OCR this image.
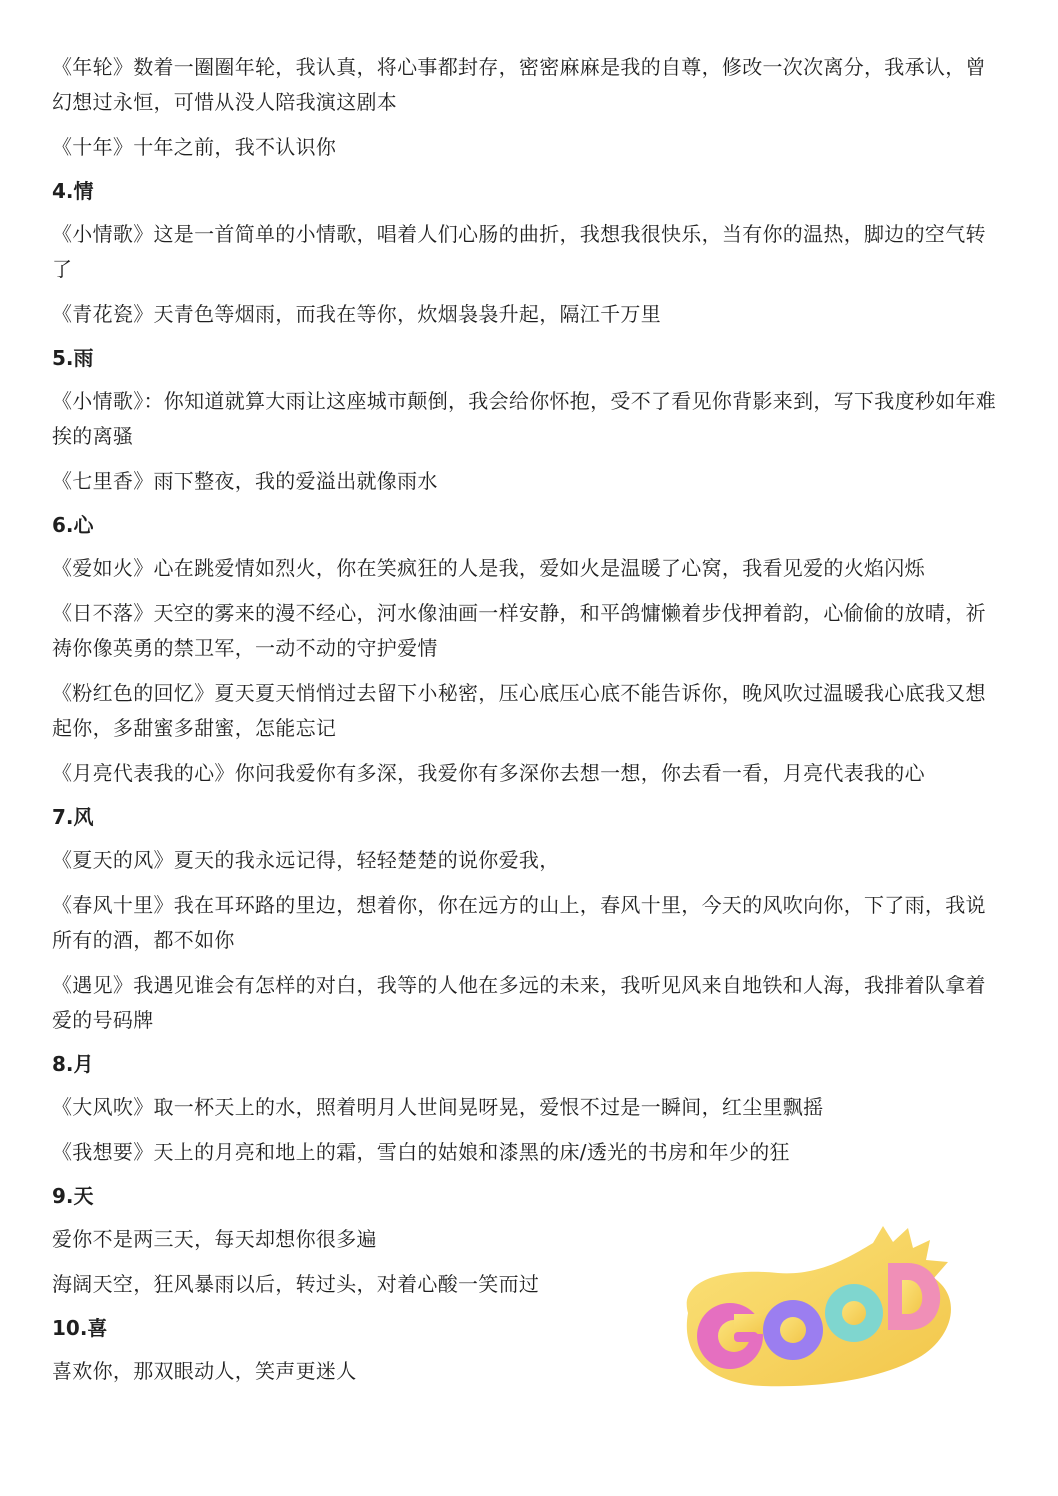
《年轮》数着一圈圈年轮，我认真，将心事都封存，密密麻麻是我的自尊，修改一次次离分，我承认，曾幻想过永恒，可惜从没人陪我演这剧本

《十年》十年之前，我不认识你

4.情

《小情歌》这是一首简单的小情歌，唱着人们心肠的曲折，我想我很快乐，当有你的温热，脚边的空气转了

《青花瓷》天青色等烟雨，而我在等你，炊烟袅袅升起，隔江千万里

5.雨

《小情歌》：你知道就算大雨让这座城市颠倒，我会给你怀抱，受不了看见你背影来到，写下我度秒如年难挨的离骚

《七里香》雨下整夜，我的爱溢出就像雨水

6.心

《爱如火》心在跳爱情如烈火，你在笑疯狂的人是我，爱如火是温暖了心窝，我看见爱的火焰闪烁

《日不落》天空的雾来的漫不经心，河水像油画一样安静，和平鸽慵懒着步伐押着韵，心偷偷的放晴，祈祷你像英勇的禁卫军，一动不动的守护爱情

《粉红色的回忆》夏天夏天悄悄过去留下小秘密，压心底压心底不能告诉你，晚风吹过温暖我心底我又想起你，多甜蜜多甜蜜，怎能忘记

《月亮代表我的心》你问我爱你有多深，我爱你有多深你去想一想，你去看一看，月亮代表我的心

7.风

《夏天的风》夏天的我永远记得，轻轻楚楚的说你爱我，

《春风十里》我在耳环路的里边，想着你，你在远方的山上，春风十里，今天的风吹向你，下了雨，我说所有的酒，都不如你

《遇见》我遇见谁会有怎样的对白，我等的人他在多远的未来，我听见风来自地铁和人海，我排着队拿着爱的号码牌

8.月

《大风吹》取一杯天上的水，照着明月人世间晃呀晃，爱恨不过是一瞬间，红尘里飘摇

《我想要》天上的月亮和地上的霜，雪白的姑娘和漆黑的床/透光的书房和年少的狂

9.天

爱你不是两三天，每天却想你很多遍

海阔天空，狂风暴雨以后，转过头，对着心酸一笑而过

10.喜

喜欢你，那双眼动人，笑声更迷人
